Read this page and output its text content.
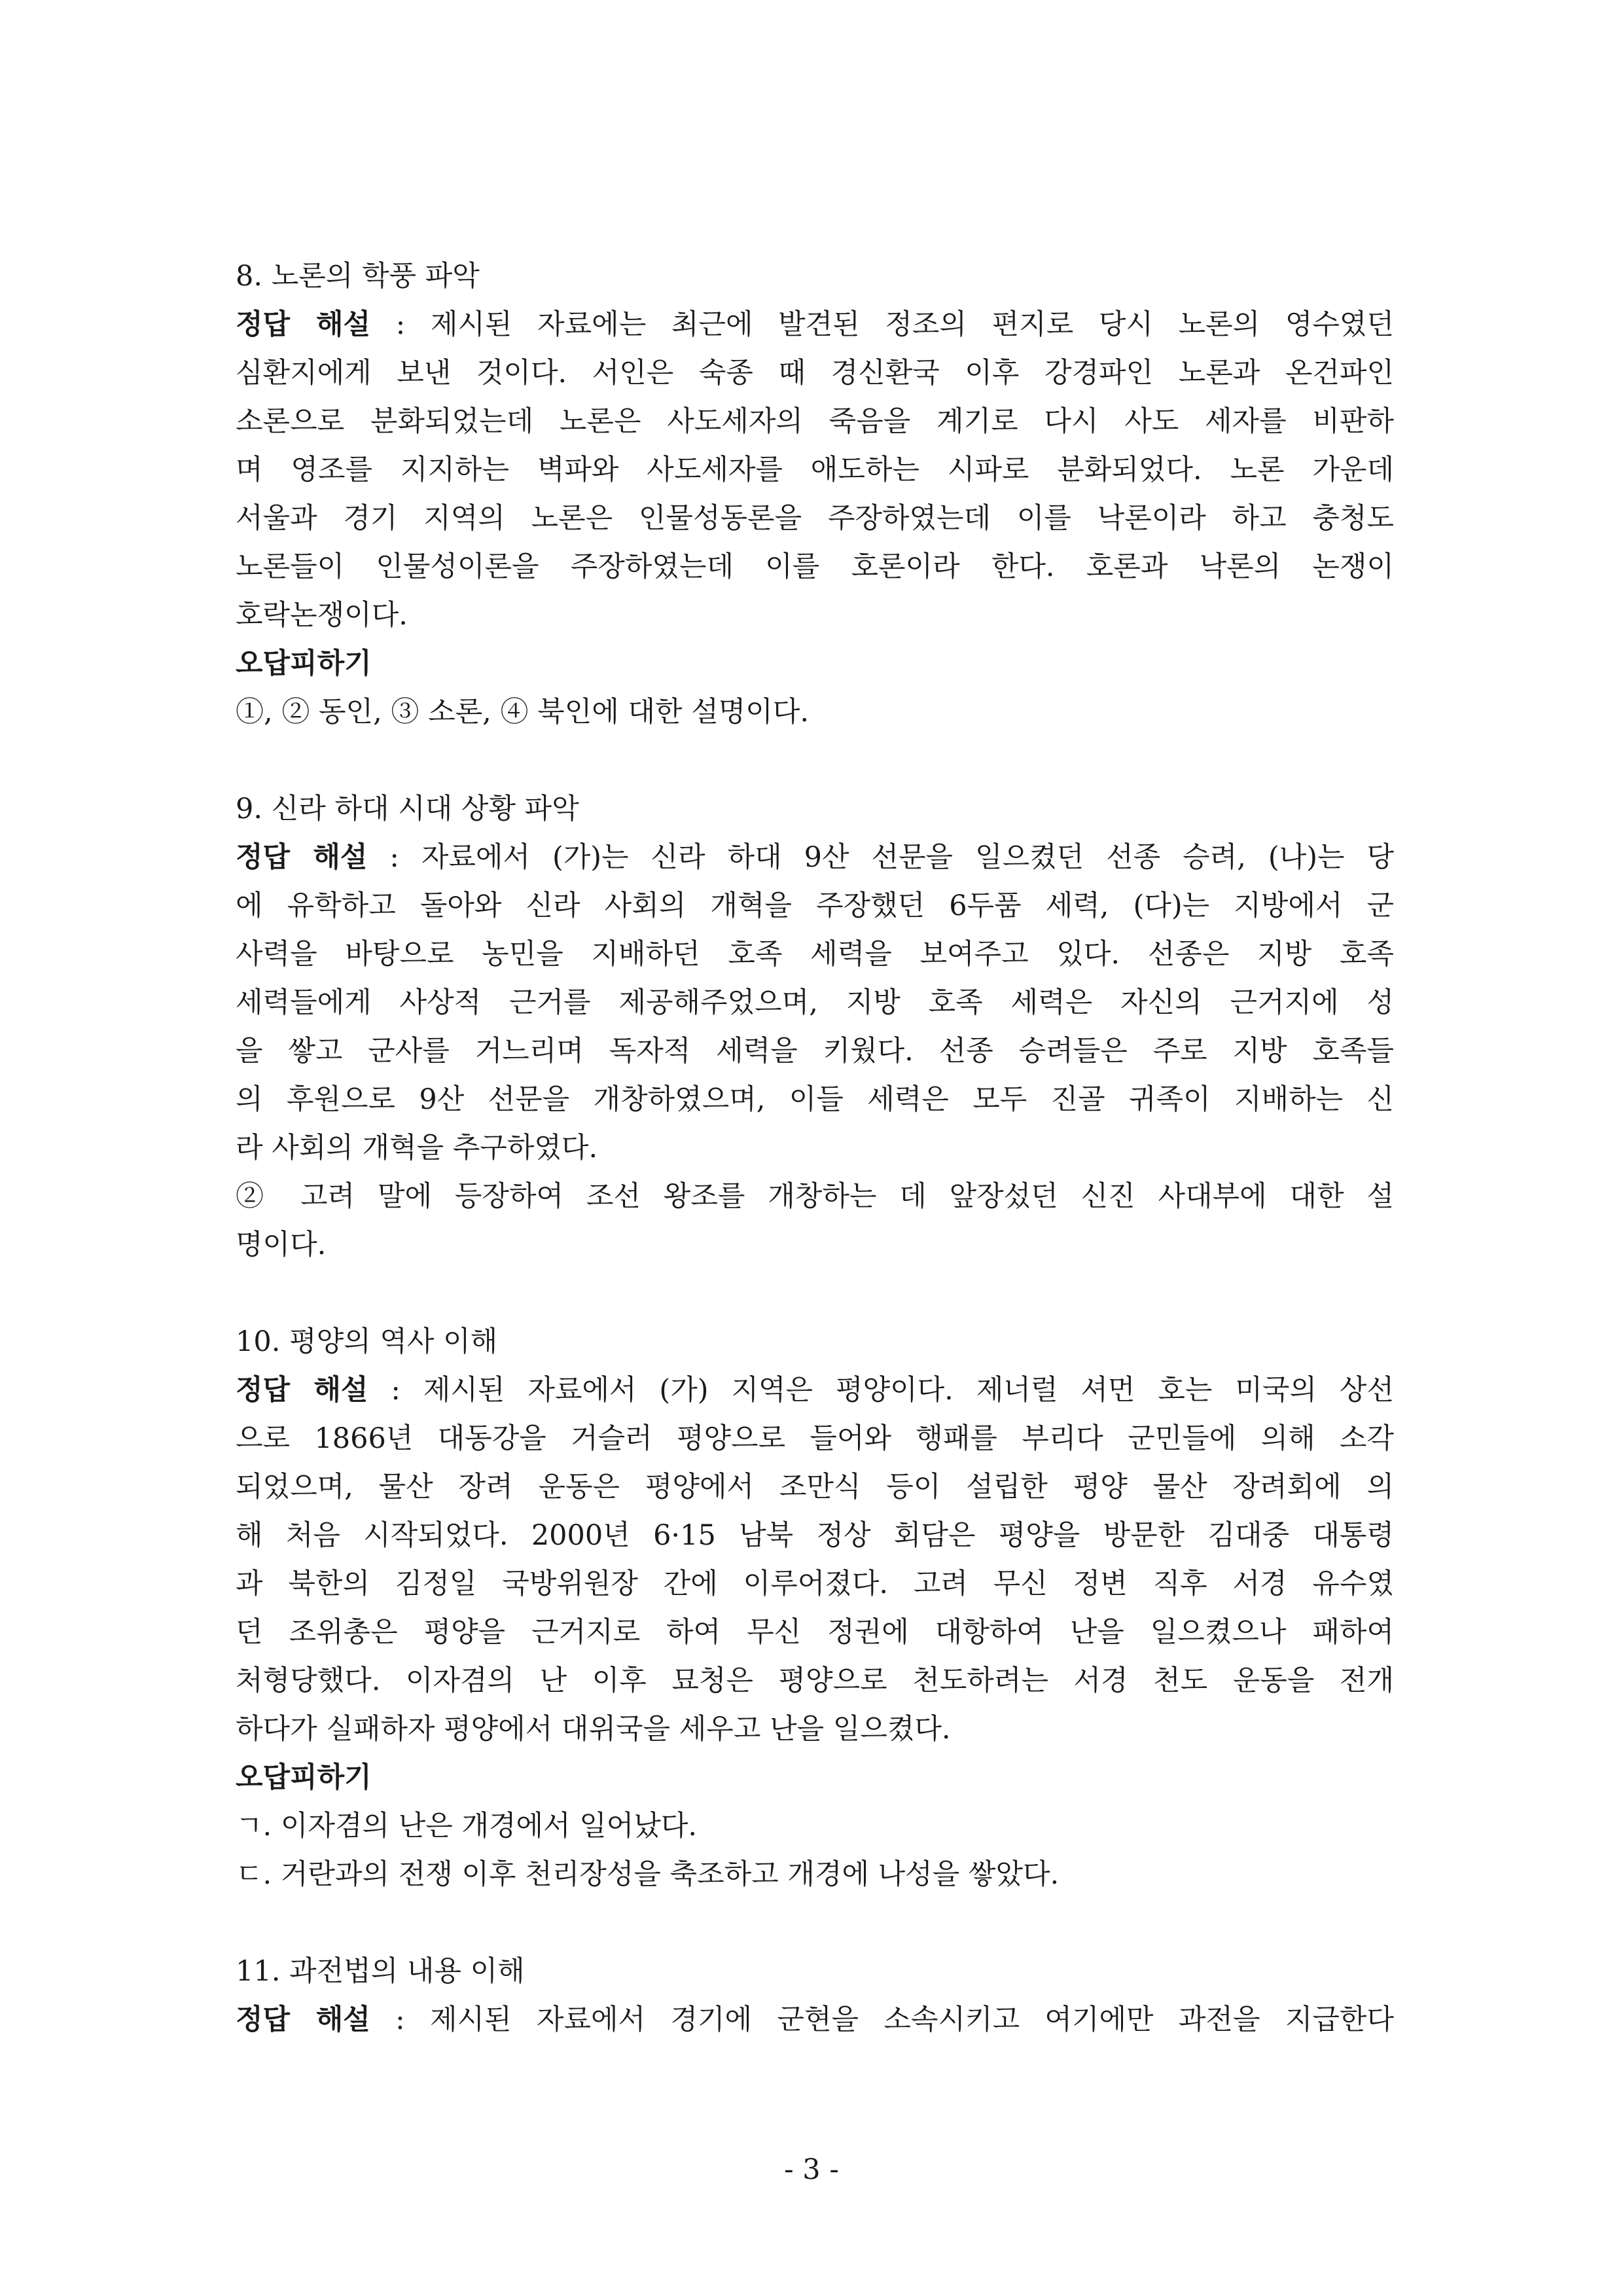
8. 노론의 학풍 파악
정답 해설 : 제시된 자료에는 최근에 발견된 정조의 편지로 당시 노론의 영수였던
심환지에게 보낸 것이다. 서인은 숙종 때 경신환국 이후 강경파인 노론과 온건파인
소론으로 분화되었는데 노론은 사도세자의 죽음을 계기로 다시 사도 세자를 비판하
며 영조를 지지하는 벽파와 사도세자를 애도하는 시파로 분화되었다. 노론 가운데
서울과 경기 지역의 노론은 인물성동론을 주장하였는데 이를 낙론이라 하고 충청도
노론들이 인물성이론을 주장하였는데 이를 호론이라 한다. 호론과 낙론의 논쟁이
호락논쟁이다.
오답피하기
①, ② 동인, ③ 소론, ④ 북인에 대한 설명이다.
9. 신라 하대 시대 상황 파악
정답 해설 : 자료에서 (가)는 신라 하대 9산 선문을 일으켰던 선종 승려, (나)는 당
에 유학하고 돌아와 신라 사회의 개혁을 주장했던 6두품 세력, (다)는 지방에서 군
사력을 바탕으로 농민을 지배하던 호족 세력을 보여주고 있다. 선종은 지방 호족
세력들에게 사상적 근거를 제공해주었으며, 지방 호족 세력은 자신의 근거지에 성
을 쌓고 군사를 거느리며 독자적 세력을 키웠다. 선종 승려들은 주로 지방 호족들
의 후원으로 9산 선문을 개창하였으며, 이들 세력은 모두 진골 귀족이 지배하는 신
라 사회의 개혁을 추구하였다.
② 고려 말에 등장하여 조선 왕조를 개창하는 데 앞장섰던 신진 사대부에 대한 설
명이다.
10. 평양의 역사 이해
정답 해설 : 제시된 자료에서 (가) 지역은 평양이다. 제너럴 셔먼 호는 미국의 상선
으로 1866년 대동강을 거슬러 평양으로 들어와 행패를 부리다 군민들에 의해 소각
되었으며, 물산 장려 운동은 평양에서 조만식 등이 설립한 평양 물산 장려회에 의
해 처음 시작되었다. 2000년 6·15 남북 정상 회담은 평양을 방문한 김대중 대통령
과 북한의 김정일 국방위원장 간에 이루어졌다. 고려 무신 정변 직후 서경 유수였
던 조위총은 평양을 근거지로 하여 무신 정권에 대항하여 난을 일으켰으나 패하여
처형당했다. 이자겸의 난 이후 묘청은 평양으로 천도하려는 서경 천도 운동을 전개
하다가 실패하자 평양에서 대위국을 세우고 난을 일으켰다.
오답피하기
ㄱ. 이자겸의 난은 개경에서 일어났다.
ㄷ. 거란과의 전쟁 이후 천리장성을 축조하고 개경에 나성을 쌓았다.
11. 과전법의 내용 이해
정답 해설 : 제시된 자료에서 경기에 군현을 소속시키고 여기에만 과전을 지급한다
- 3 -
